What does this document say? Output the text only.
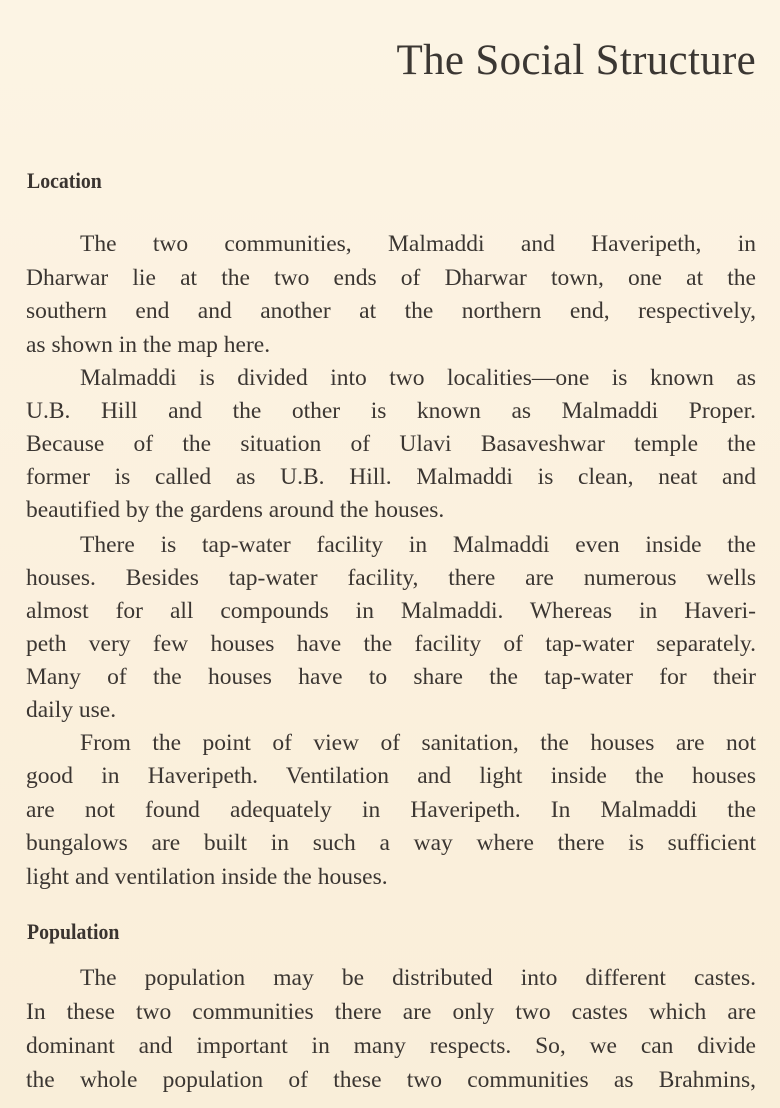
The Social Structure
Location
The two communities, Malmaddi and Haveripeth, in
Dharwar lie at the two ends of Dharwar town, one at the
southern end and another at the northern end, respectively,
as shown in the map here.
Malmaddi is divided into two localities—one is known as
U.B. Hill and the other is known as Malmaddi Proper.
Because of the situation of Ulavi Basaveshwar temple the
former is called as U.B. Hill. Malmaddi is clean, neat and
beautified by the gardens around the houses.
There is tap-water facility in Malmaddi even inside the
houses. Besides tap-water facility, there are numerous wells
almost for all compounds in Malmaddi. Whereas in Haveri-
peth very few houses have the facility of tap-water separately.
Many of the houses have to share the tap-water for their
daily use.
From the point of view of sanitation, the houses are not
good in Haveripeth. Ventilation and light inside the houses
are not found adequately in Haveripeth. In Malmaddi the
bungalows are built in such a way where there is sufficient
light and ventilation inside the houses.
Population
The population may be distributed into different castes.
In these two communities there are only two castes which are
dominant and important in many respects. So, we can divide
the whole population of these two communities as Brahmins,
